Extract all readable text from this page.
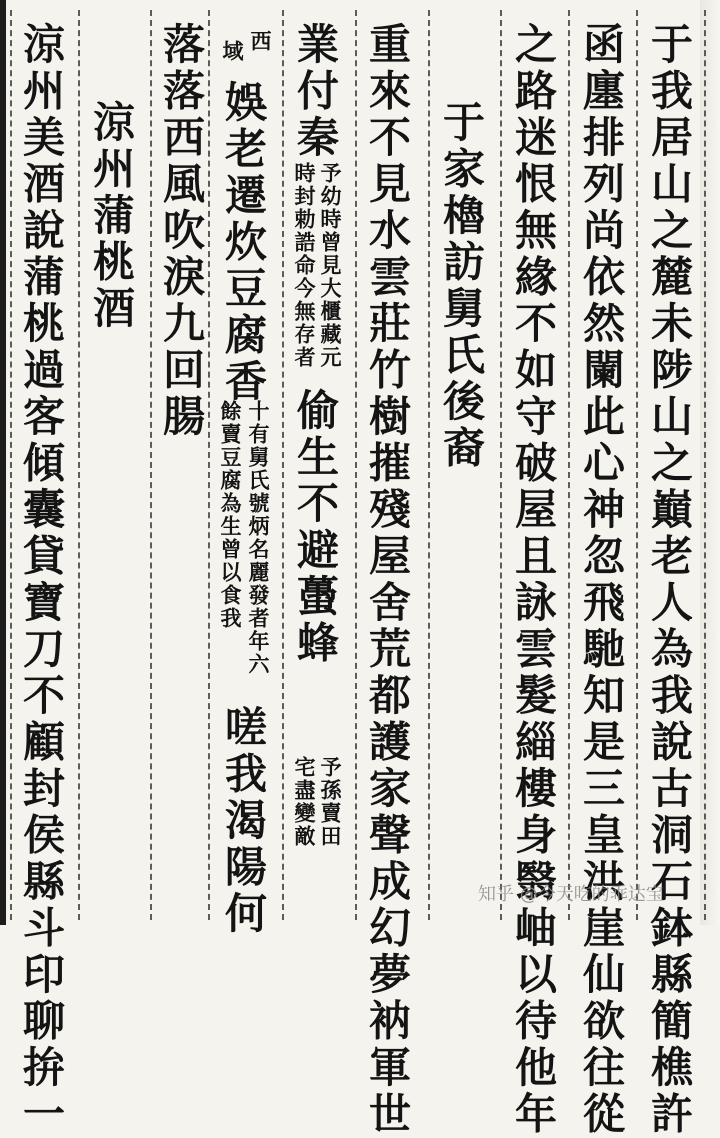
于我居山之麓未陟山之巔老人為我說古洞石鉢縣簡樵許
函廛排列尚依然闌此心神忽飛馳知是三皇洪崖仙欲往從
之路迷恨無緣不如守破屋且詠雲髮緇樓身翳岫以待他年
于家櫓訪舅氏後裔
重來不見水雲莊竹樹摧殘屋舍荒都護家聲成幻夢衲軍世
業付秦
予幼時曾見大櫃藏元
時封勅誥命今無存者
偷生不避蠆蜂
予孫賣田
宅盡變敵
西
域
娛老遷炊豆腐香
十有舅氏號炳名麗發者年六
餘賣豆腐為生曾以食我
嗟我渴陽何
落落西風吹淚九回腸
涼州蒲桃酒
涼州美酒說蒲桃過客傾囊貸寶刀不顧封侯縣斗印聊拚一	知乎 @今天吃的乖达宝
